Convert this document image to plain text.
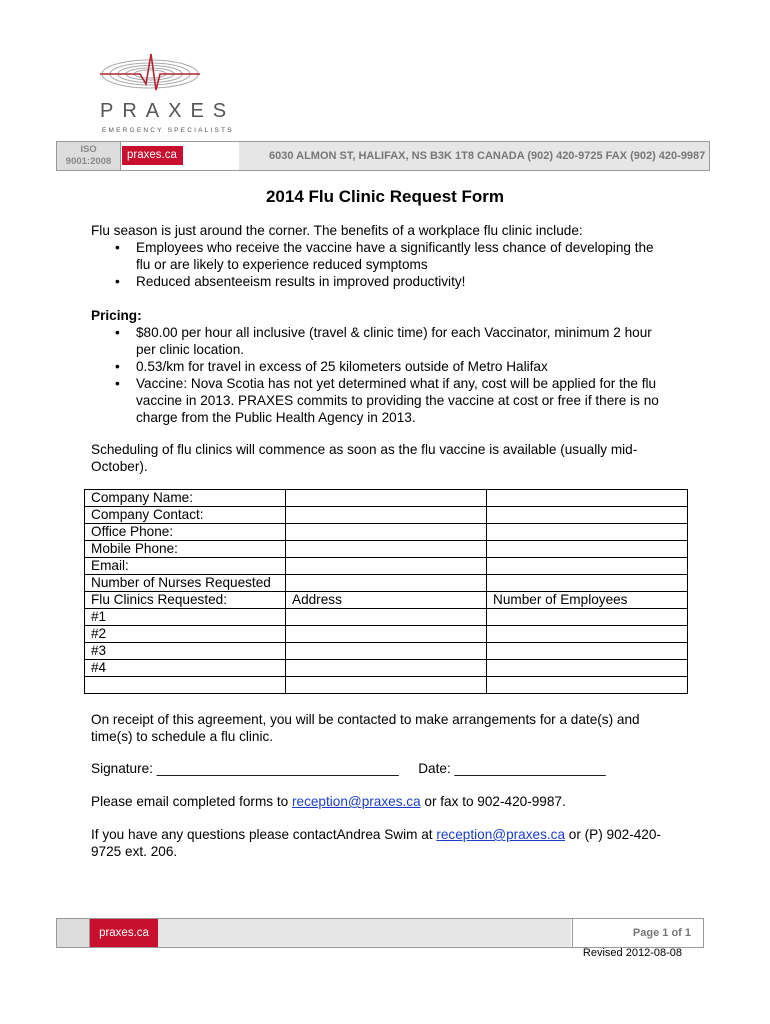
PRAXES
EMERGENCY SPECIALISTS
ISO
9001:2008
praxes.ca	6030 ALMON ST, HALIFAX, NS B3K 1T8 CANADA (902) 420-9725 FAX (902) 420-9987
2014 Flu Clinic Request Form

Flu season is just around the corner. The benefits of a workplace flu clinic include:

• Employees who receive the vaccine have a significantly less chance of developing the flu or are likely to experience reduced symptoms
• Reduced absenteeism results in improved productivity!

Pricing:

• $80.00 per hour all inclusive (travel & clinic time) for each Vaccinator, minimum 2 hour per clinic location.
• 0.53/km for travel in excess of 25 kilometers outside of Metro Halifax
• Vaccine: Nova Scotia has not yet determined what if any, cost will be applied for the flu vaccine in 2013. PRAXES commits to providing the vaccine at cost or free if there is no charge from the Public Health Agency in 2013.
Scheduling of flu clinics will commence as soon as the flu vaccine is available (usually mid-October).
Company Name:		
Company Contact:		
Office Phone:		
Mobile Phone:		
Email:		
Number of Nurses Requested		
Flu Clinics Requested:	Address	Number of Employees
#1		
#2		
#3		
#4		

On receipt of this agreement, you will be contacted to make arrangements for a date(s) and time(s) to schedule a flu clinic.
Signature: ________________________________ Date: ____________________
Please email completed forms to reception@praxes.ca or fax to 902-420-9987.
If you have any questions please contactAndrea Swim at reception@praxes.ca or (P) 902-420-9725 ext. 206.
praxes.ca	Page 1 of 1
Revised 2012-08-08
